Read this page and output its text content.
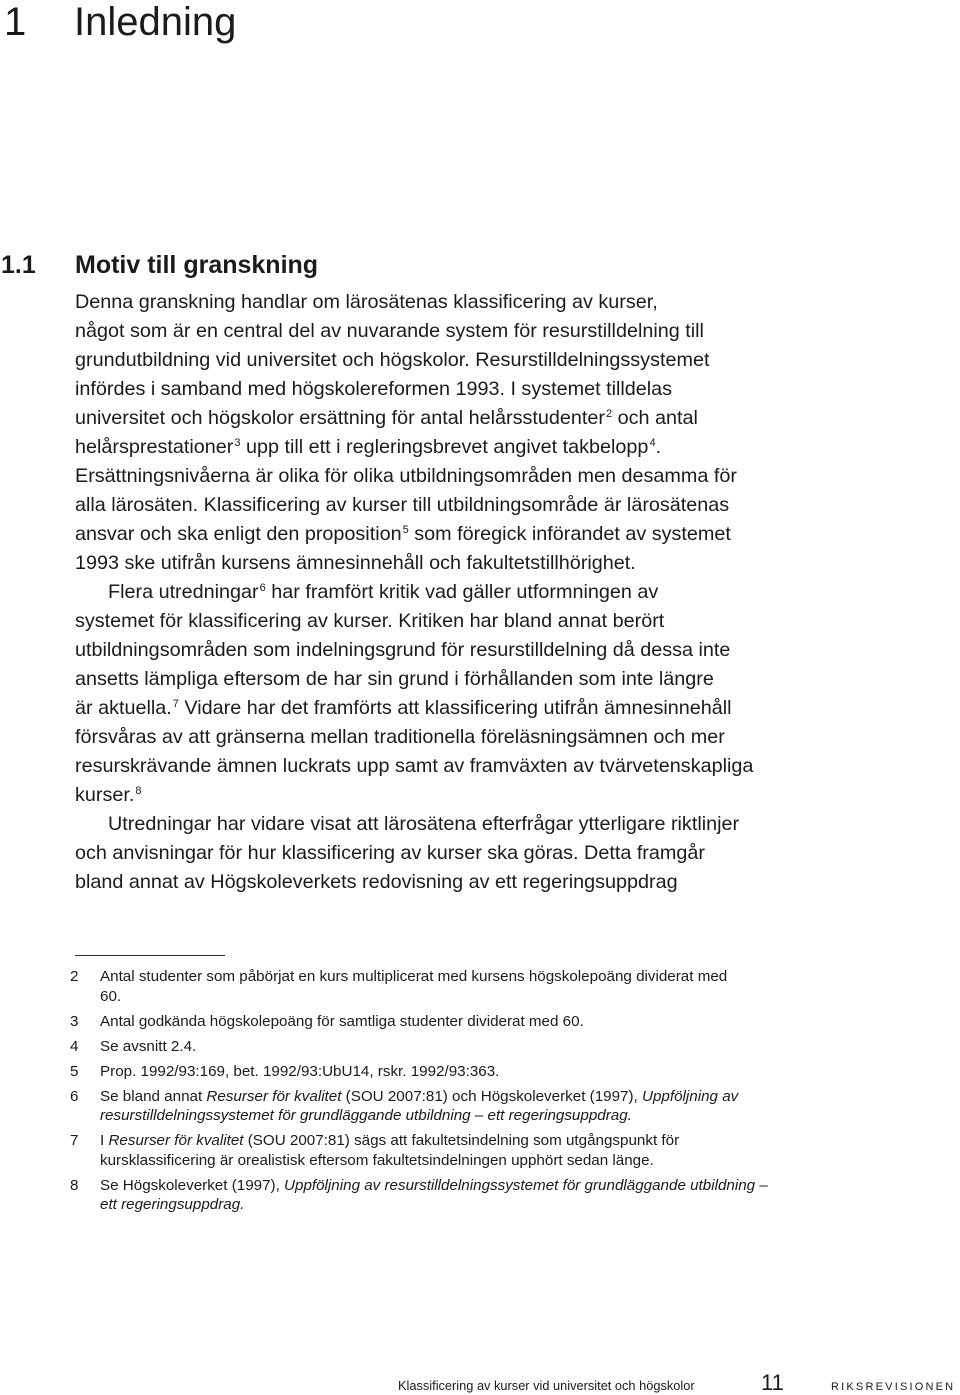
1 Inledning
1.1 Motiv till granskning
Denna granskning handlar om lärosätenas klassificering av kurser,
något som är en central del av nuvarande system för resurstilldelning till
grundutbildning vid universitet och högskolor. Resurstilldelningssystemet
infördes i samband med högskolereformen 1993. I systemet tilldelas
universitet och högskolor ersättning för antal helårsstudenter$^2$ och antal
helårsprestationer$^3$ upp till ett i regleringsbrevet angivet takbelopp$^4$.
Ersättningsnivåerna är olika för olika utbildningsområden men desamma för
alla lärosäten. Klassificering av kurser till utbildningsområde är lärosätenas
ansvar och ska enligt den proposition$^5$ som föregick införandet av systemet
1993 ske utifrån kursens ämnesinnehåll och fakultetstillhörighet.
Flera utredningar$^6$ har framfört kritik vad gäller utformningen av
systemet för klassificering av kurser. Kritiken har bland annat berört
utbildningsområden som indelningsgrund för resurstilldelning då dessa inte
ansetts lämpliga eftersom de har sin grund i förhållanden som inte längre
är aktuella.$^7$ Vidare har det framförts att klassificering utifrån ämnesinnehåll
försvåras av att gränserna mellan traditionella föreläsningsämnen och mer
resurskrävande ämnen luckrats upp samt av framväxten av tvärvetenskapliga
kurser.$^8$
Utredningar har vidare visat att lärosätena efterfrågar ytterligare riktlinjer
och anvisningar för hur klassificering av kurser ska göras. Detta framgår
bland annat av Högskoleverkets redovisning av ett regeringsuppdrag
2 Antal studenter som påbörjat en kurs multiplicerat med kursens högskolepoäng dividerat med
60.
3 Antal godkända högskolepoäng för samtliga studenter dividerat med 60.
4 Se avsnitt 2.4.
5 Prop. 1992/93:169, bet. 1992/93:UbU14, rskr. 1992/93:363.
6 Se bland annat Resurser för kvalitet (SOU 2007:81) och Högskoleverket (1997), Uppföljning av
resurstilldelningssystemet för grundläggande utbildning – ett regeringsuppdrag.
7 I Resurser för kvalitet (SOU 2007:81) sägs att fakultetsindelning som utgångspunkt för
kursklassificering är orealistisk eftersom fakultetsindelningen upphört sedan länge.
8 Se Högskoleverket (1997), Uppföljning av resurstilldelningssystemet för grundläggande utbildning –
ett regeringsuppdrag.
Klassificering av kurser vid universitet och högskolor	11	RIKSREVISIONEN
